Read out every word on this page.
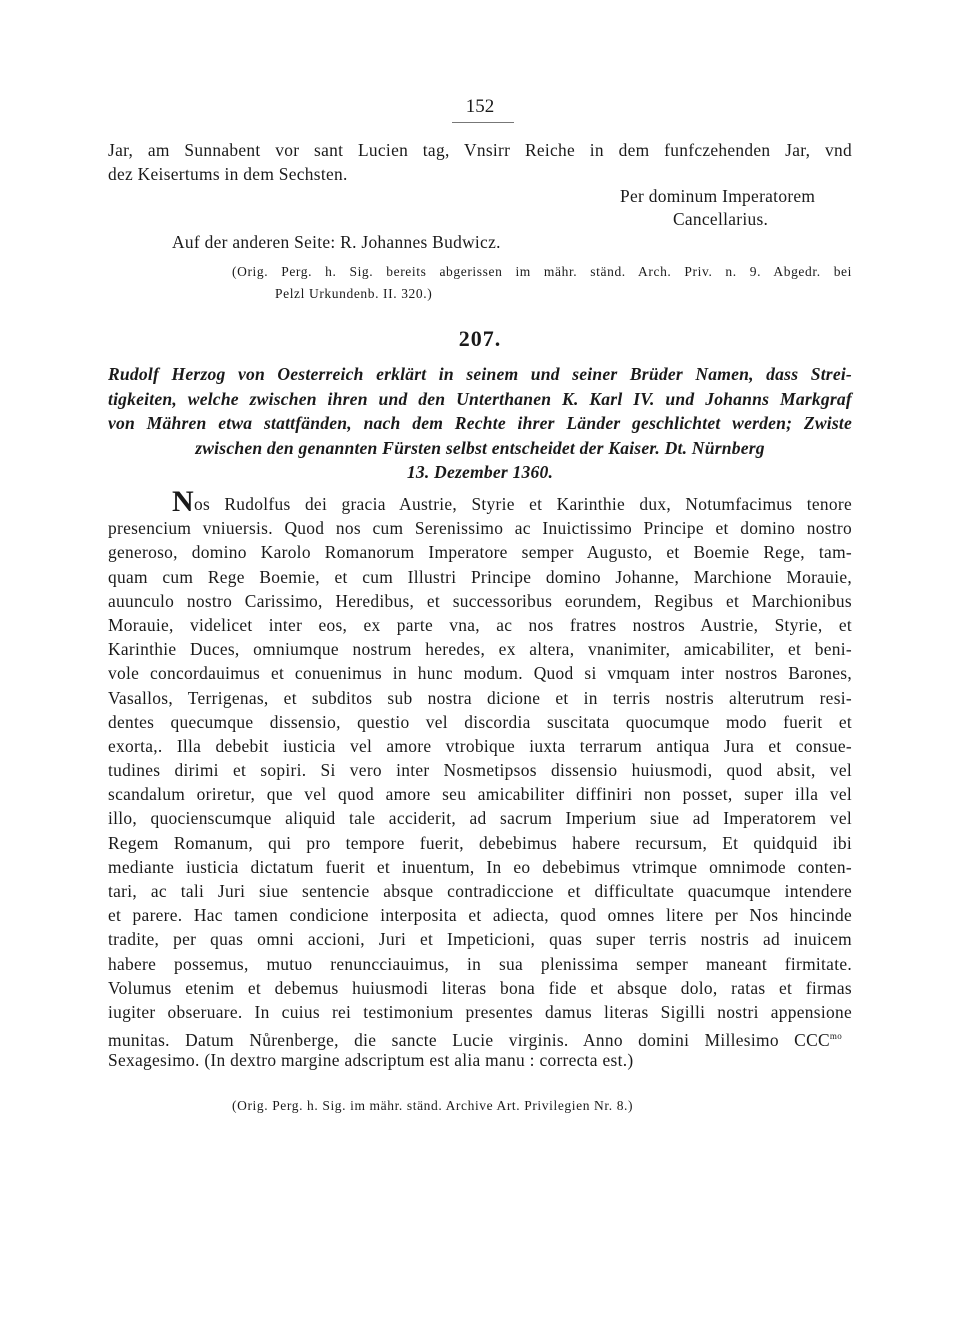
152
Jar, am Sunnabent vor sant Lucien tag, Vnsirr Reiche in dem funfczehenden Jar, vnd
dez Keisertums in dem Sechsten.
Per dominum Imperatorem
Cancellarius.
Auf der anderen Seite: R. Johannes Budwicz.
(Orig. Perg. h. Sig. bereits abgerissen im mähr. ständ. Arch. Priv. n. 9. Abgedr. bei
Pelzl Urkundenb. II. 320.)
207.
Rudolf Herzog von Oesterreich erklärt in seinem und seiner Brüder Namen, dass Strei-
tigkeiten, welche zwischen ihren und den Unterthanen K. Karl IV. und Johanns Markgraf
von Mähren etwa stattfänden, nach dem Rechte ihrer Länder geschlichtet werden; Zwiste
zwischen den genannten Fürsten selbst entscheidet der Kaiser. Dt. Nürnberg
13. Dezember 1360.
Nos Rudolfus dei gracia Austrie, Styrie et Karinthie dux, Notumfacimus tenore
presencium vniuersis. Quod nos cum Serenissimo ac Inuictissimo Principe et domino nostro
generoso, domino Karolo Romanorum Imperatore semper Augusto, et Boemie Rege, tam-
quam cum Rege Boemie, et cum Illustri Principe domino Johanne, Marchione Morauie,
auunculo nostro Carissimo, Heredibus, et successoribus eorundem, Regibus et Marchionibus
Morauie, videlicet inter eos, ex parte vna, ac nos fratres nostros Austrie, Styrie, et
Karinthie Duces, omniumque nostrum heredes, ex altera, vnanimiter, amicabiliter, et beni-
vole concordauimus et conuenimus in hunc modum. Quod si vmquam inter nostros Barones,
Vasallos, Terrigenas, et subditos sub nostra dicione et in terris nostris alterutrum resi-
dentes quecumque dissensio, questio vel discordia suscitata quocumque modo fuerit et
exorta,. Illa debebit iusticia vel amore vtrobique iuxta terrarum antiqua Jura et consue-
tudines dirimi et sopiri. Si vero inter Nosmetipsos dissensio huiusmodi, quod absit, vel
scandalum oriretur, que vel quod amore seu amicabiliter diffiniri non posset, super illa vel
illo, quocienscumque aliquid tale acciderit, ad sacrum Imperium siue ad Imperatorem vel
Regem Romanum, qui pro tempore fuerit, debebimus habere recursum, Et quidquid ibi
mediante iusticia dictatum fuerit et inuentum, In eo debebimus vtrimque omnimode conten-
tari, ac tali Juri siue sentencie absque contradiccione et difficultate quacumque intendere
et parere. Hac tamen condicione interposita et adiecta, quod omnes litere per Nos hincinde
tradite, per quas omni accioni, Juri et Impeticioni, quas super terris nostris ad inuicem
habere possemus, mutuo renuncciauimus, in sua plenissima semper maneant firmitate.
Volumus etenim et debemus huiusmodi literas bona fide et absque dolo, ratas et firmas
iugiter obseruare. In cuius rei testimonium presentes damus literas Sigilli nostri appensione
munitas. Datum Nůrenberge, die sancte Lucie virginis. Anno domini Millesimo $CCC^{mo}$
Sexagesimo. (In dextro margine adscriptum est alia manu : correcta est.)
(Orig. Perg. h. Sig. im mähr. ständ. Archive Art. Privilegien Nr. 8.)
